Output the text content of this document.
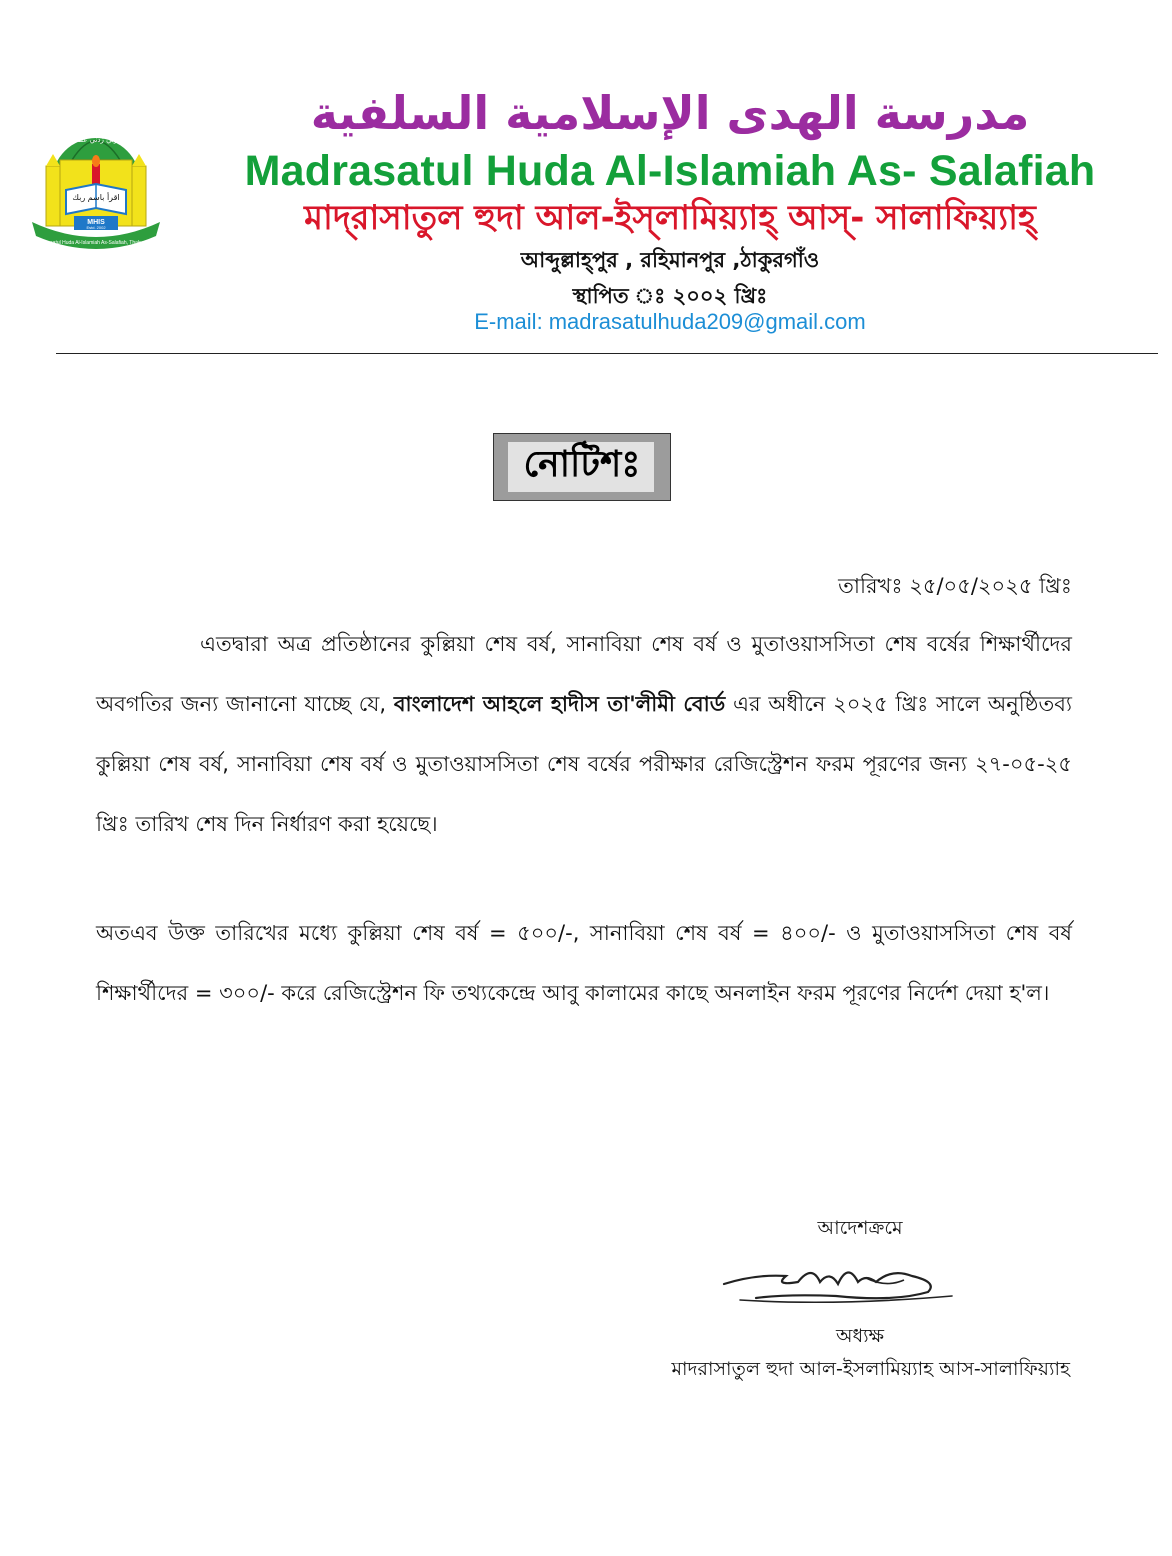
ربي زدني علما
اقرأ باسم ربك
MHIS
Estd. 2002
Madrasatul Huda Al-Islamiah As-Salafiah, Thakurgaon
مدرسة الهدى الإسلامية السلفية
Madrasatul Huda Al-Islamiah As- Salafiah
মাদ্‌রাসাতুল হুদা আল-ইস্‌লামিয়্যাহ্‌ আস্‌- সালাফিয়্যাহ্‌
আব্দুল্লাহ্‌পুর , রহিমানপুর ,ঠাকুরগাঁও
স্থাপিত ঃ ২০০২ খ্রিঃ
E-mail: madrasatulhuda209@gmail.com
নোটিশঃ
তারিখঃ ২৫/০৫/২০২৫ খ্রিঃ
এতদ্বারা অত্র প্রতিষ্ঠানের কুল্লিয়া শেষ বর্ষ, সানাবিয়া শেষ বর্ষ ও মুতাওয়াসসিতা শেষ বর্ষের শিক্ষার্থীদের অবগতির জন্য জানানো যাচ্ছে যে, বাংলাদেশ আহলে হাদীস তা'লীমী বোর্ড এর অধীনে ২০২৫ খ্রিঃ সালে অনুষ্ঠিতব্য কুল্লিয়া শেষ বর্ষ, সানাবিয়া শেষ বর্ষ ও মুতাওয়াসসিতা শেষ বর্ষের পরীক্ষার রেজিস্ট্রেশন ফরম পূরণের জন্য ২৭-০৫-২৫ খ্রিঃ তারিখ শেষ দিন নির্ধারণ করা হয়েছে।
অতএব উক্ত তারিখের মধ্যে কুল্লিয়া শেষ বর্ষ = ৫০০/-, সানাবিয়া শেষ বর্ষ = ৪০০/- ও মুতাওয়াসসিতা শেষ বর্ষ শিক্ষার্থীদের = ৩০০/- করে রেজিস্ট্রেশন ফি তথ্যকেন্দ্রে আবু কালামের কাছে অনলাইন ফরম পূরণের নির্দেশ দেয়া হ'ল।
আদেশক্রমে
অধ্যক্ষ
মাদরাসাতুল হুদা আল-ইসলামিয়্যাহ আস-সালাফিয়্যাহ
